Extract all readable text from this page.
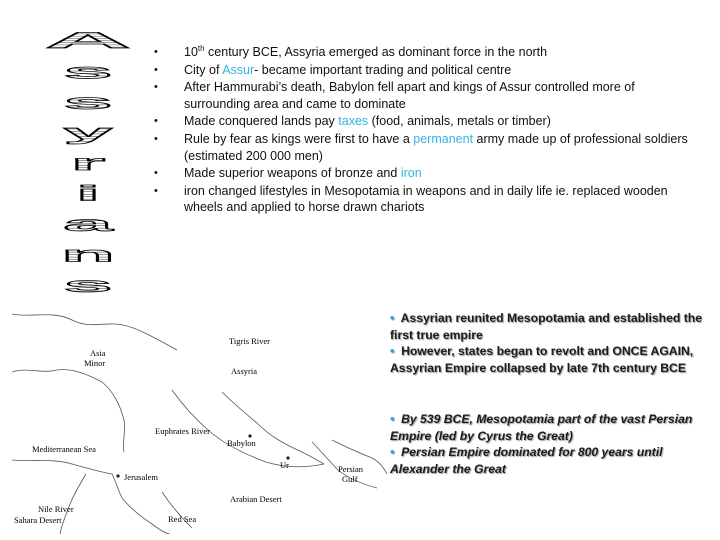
A
s
s
y
r
i
a
n
s
• 10th century BCE, Assyria emerged as dominant force in the north
• City of Assur- became important trading and political centre
• After Hammurabi’s death, Babylon fell apart and kings of Assur controlled more of surrounding area and came to dominate
• Made conquered lands pay taxes (food, animals, metals or timber)
• Rule by fear as kings were first to have a permanent army made up of professional soldiers (estimated 200 000 men)
• Made superior weapons of bronze and iron
• iron changed lifestyles in Mesopotamia in weapons and in daily life ie. replaced wooden wheels and applied to horse drawn chariots
Asia Minor
Tigris River
Assyria
Euphrates River
Babylon
Mediterranean Sea
Ur	Persian Gulf
Jerusalem
Arabian Desert
Nile River
Sahara Desert	Red Sea
• Assyrian reunited Mesopotamia and established the first true empire
• However, states began to revolt and ONCE AGAIN, Assyrian Empire collapsed by late 7th century BCE
• By 539 BCE, Mesopotamia part of the vast Persian Empire (led by Cyrus the Great)
• Persian Empire dominated for 800 years until Alexander the Great
